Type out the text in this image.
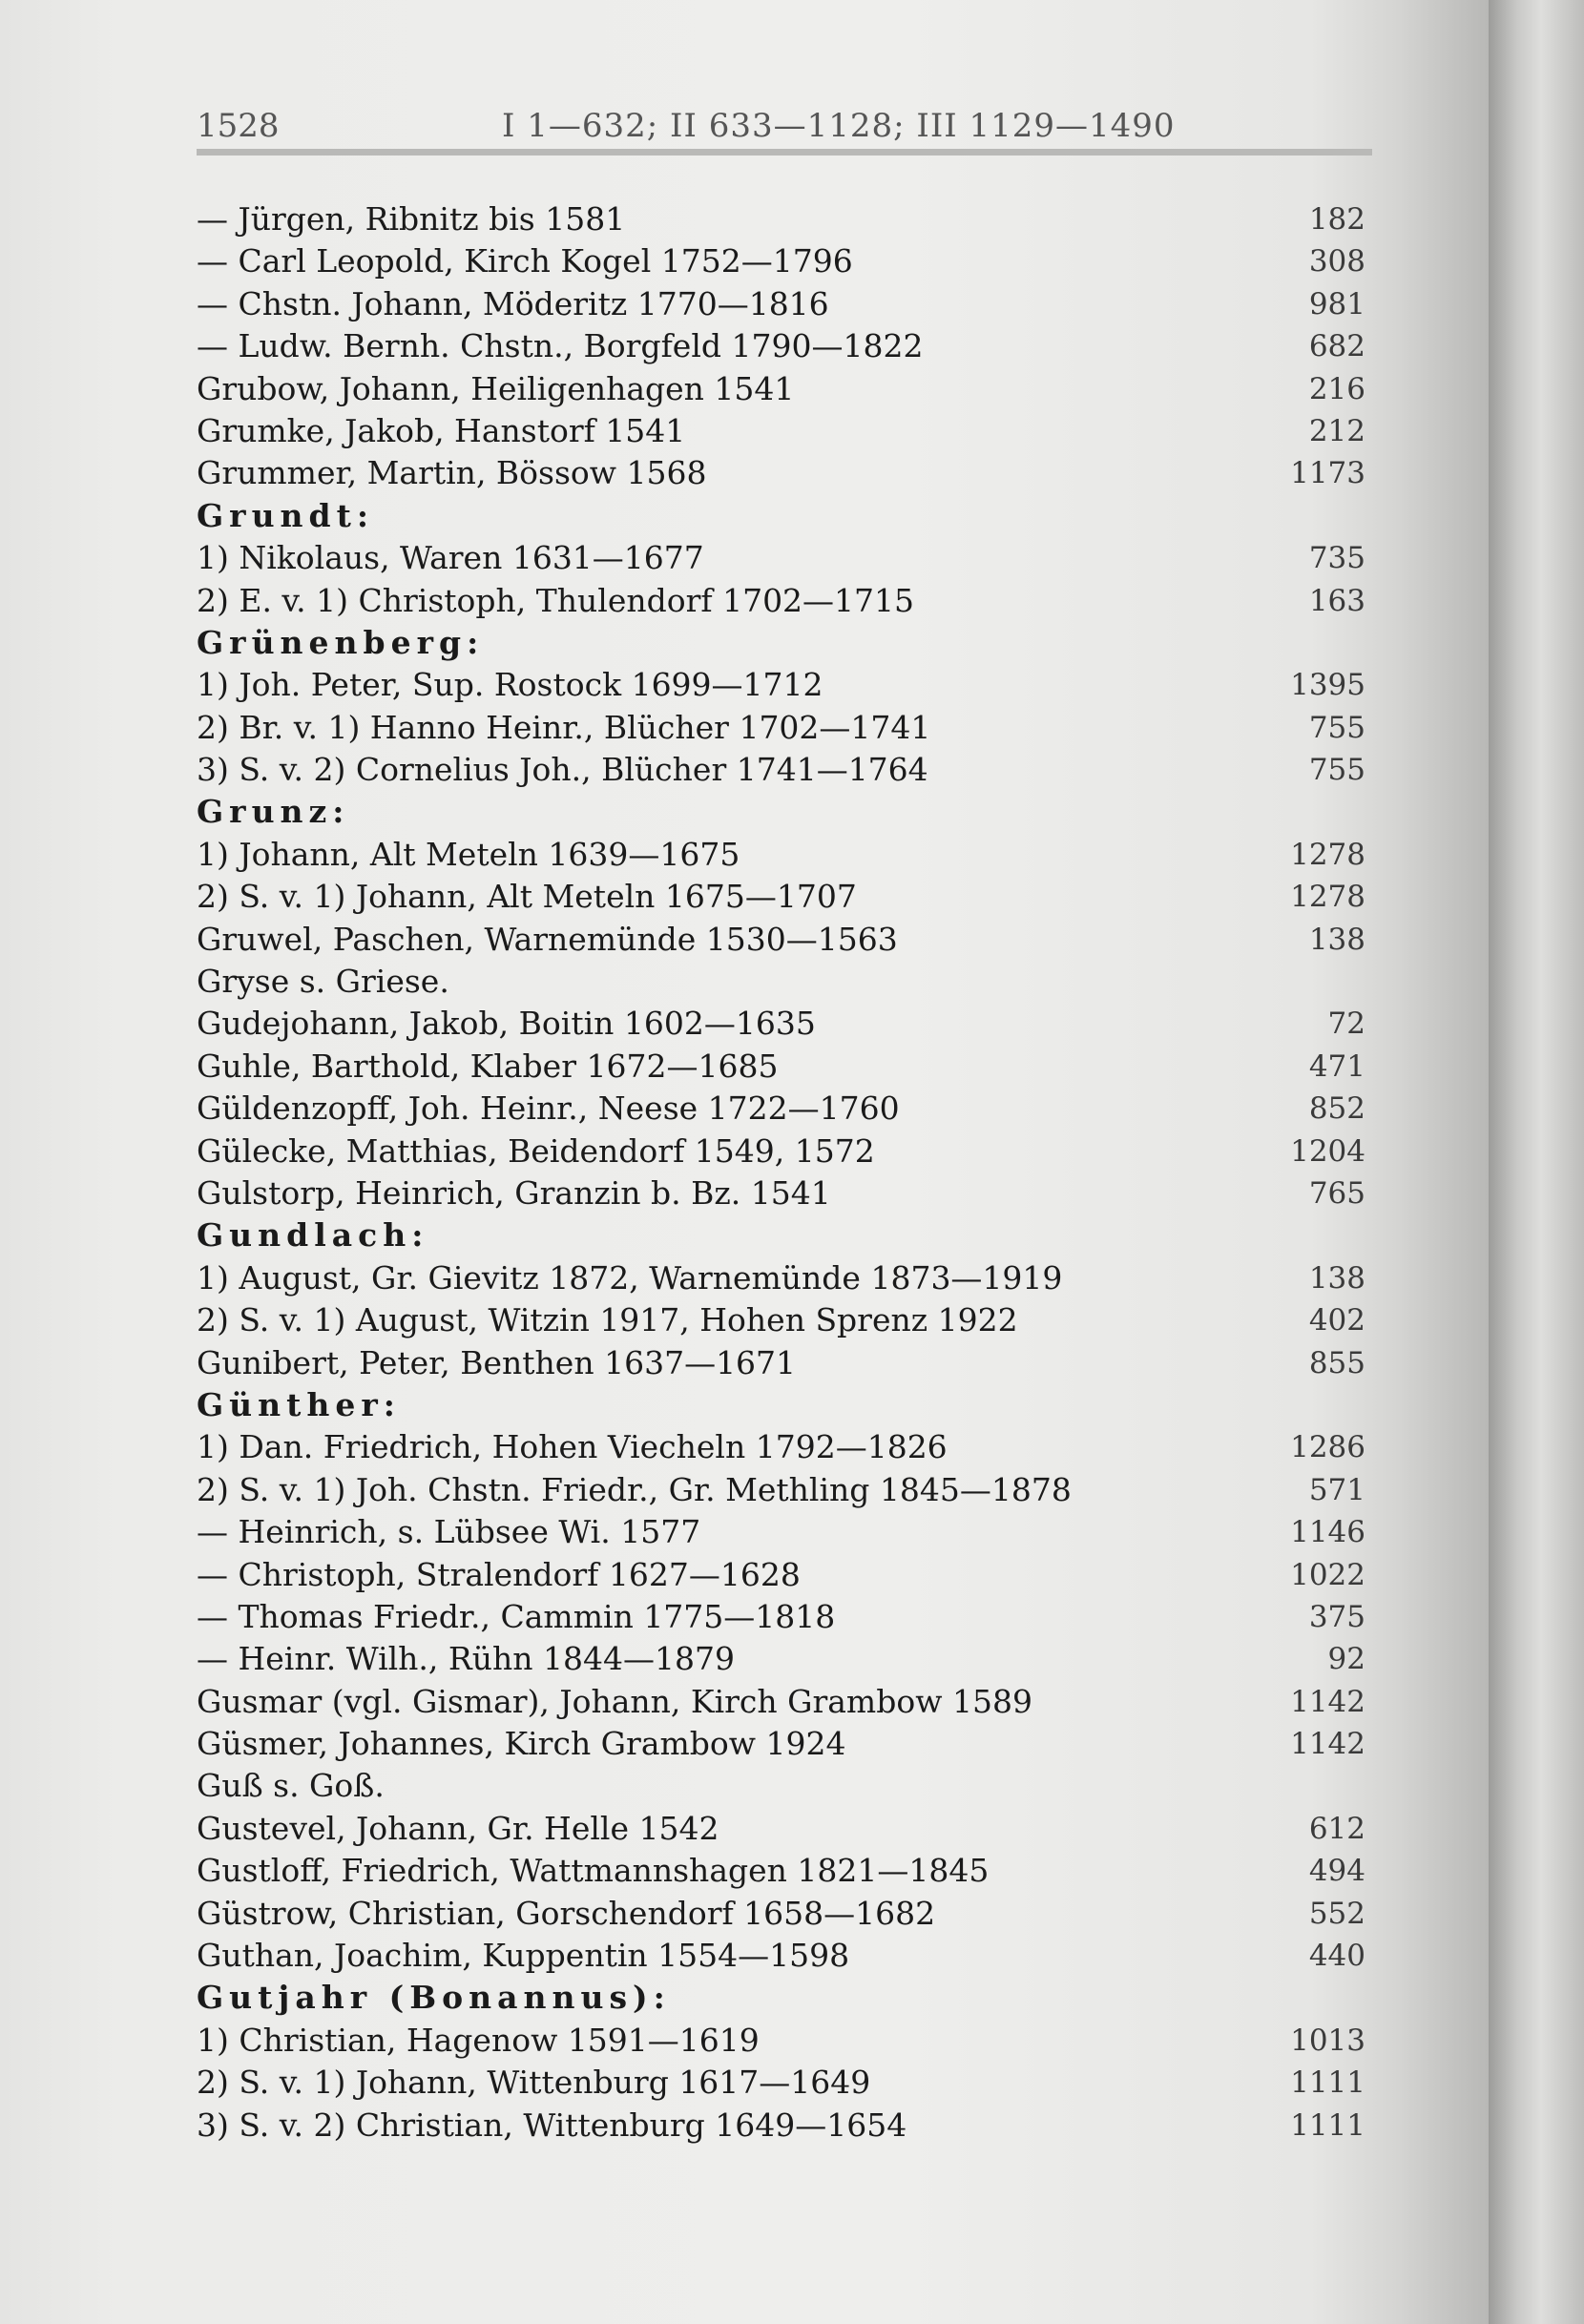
1528	I 1—632; II 633—1128; III 1129—1490
— Jürgen, Ribnitz bis 1581	182
— Carl Leopold, Kirch Kogel 1752—1796	308
— Chstn. Johann, Möderitz 1770—1816	981
— Ludw. Bernh. Chstn., Borgfeld 1790—1822	682
Grubow, Johann, Heiligenhagen 1541	216
Grumke, Jakob, Hanstorf 1541	212
Grummer, Martin, Bössow 1568	1173
Grundt:
1) Nikolaus, Waren 1631—1677	735
2) E. v. 1) Christoph, Thulendorf 1702—1715	163
Grünenberg:
1) Joh. Peter, Sup. Rostock 1699—1712	1395
2) Br. v. 1) Hanno Heinr., Blücher 1702—1741	755
3) S. v. 2) Cornelius Joh., Blücher 1741—1764	755
Grunz:
1) Johann, Alt Meteln 1639—1675	1278
2) S. v. 1) Johann, Alt Meteln 1675—1707	1278
Gruwel, Paschen, Warnemünde 1530—1563	138
Gryse s. Griese.
Gudejohann, Jakob, Boitin 1602—1635	72
Guhle, Barthold, Klaber 1672—1685	471
Güldenzopff, Joh. Heinr., Neese 1722—1760	852
Gülecke, Matthias, Beidendorf 1549, 1572	1204
Gulstorp, Heinrich, Granzin b. Bz. 1541	765
Gundlach:
1) August, Gr. Gievitz 1872, Warnemünde 1873—1919	138
2) S. v. 1) August, Witzin 1917, Hohen Sprenz 1922	402
Gunibert, Peter, Benthen 1637—1671	855
Günther:
1) Dan. Friedrich, Hohen Viecheln 1792—1826	1286
2) S. v. 1) Joh. Chstn. Friedr., Gr. Methling 1845—1878	571
— Heinrich, s. Lübsee Wi. 1577	1146
— Christoph, Stralendorf 1627—1628	1022
— Thomas Friedr., Cammin 1775—1818	375
— Heinr. Wilh., Rühn 1844—1879	92
Gusmar (vgl. Gismar), Johann, Kirch Grambow 1589	1142
Güsmer, Johannes, Kirch Grambow 1924	1142
Guß s. Goß.
Gustevel, Johann, Gr. Helle 1542	612
Gustloff, Friedrich, Wattmannshagen 1821—1845	494
Güstrow, Christian, Gorschendorf 1658—1682	552
Guthan, Joachim, Kuppentin 1554—1598	440
Gutjahr (Bonannus):
1) Christian, Hagenow 1591—1619	1013
2) S. v. 1) Johann, Wittenburg 1617—1649	1111
3) S. v. 2) Christian, Wittenburg 1649—1654	1111
